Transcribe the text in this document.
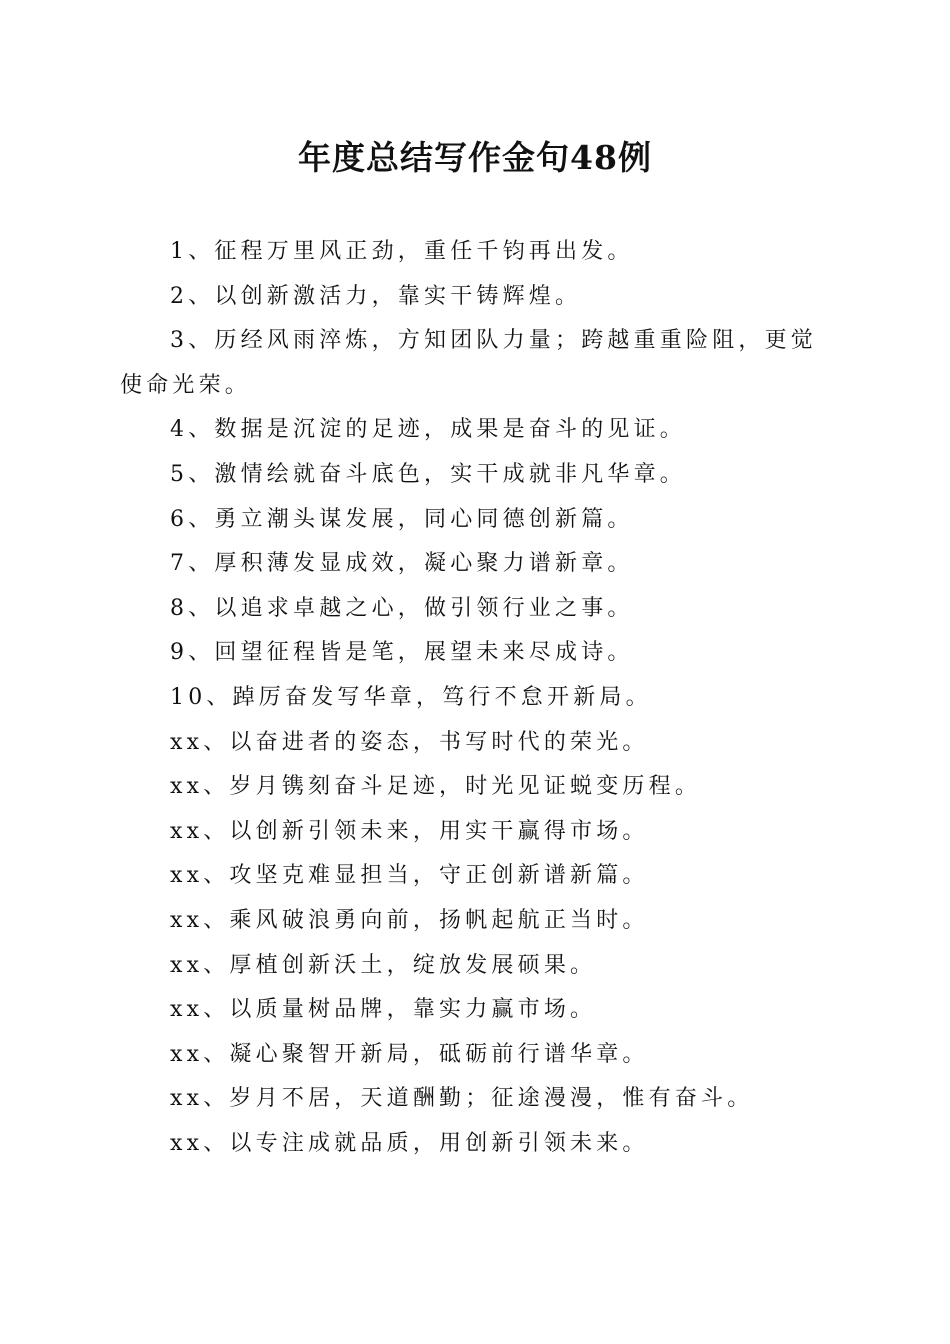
年度总结写作金句48例

1、征程万里风正劲，重任千钧再出发。

2、以创新激活力，靠实干铸辉煌。

3、历经风雨淬炼，方知团队力量；跨越重重险阻，更觉使命光荣。

4、数据是沉淀的足迹，成果是奋斗的见证。

5、激情绘就奋斗底色，实干成就非凡华章。

6、勇立潮头谋发展，同心同德创新篇。

7、厚积薄发显成效，凝心聚力谱新章。

8、以追求卓越之心，做引领行业之事。

9、回望征程皆是笔，展望未来尽成诗。

10、踔厉奋发写华章，笃行不怠开新局。

xx、以奋进者的姿态，书写时代的荣光。

xx、岁月镌刻奋斗足迹，时光见证蜕变历程。

xx、以创新引领未来，用实干赢得市场。

xx、攻坚克难显担当，守正创新谱新篇。

xx、乘风破浪勇向前，扬帆起航正当时。

xx、厚植创新沃土，绽放发展硕果。

xx、以质量树品牌，靠实力赢市场。

xx、凝心聚智开新局，砥砺前行谱华章。

xx、岁月不居，天道酬勤；征途漫漫，惟有奋斗。

xx、以专注成就品质，用创新引领未来。
